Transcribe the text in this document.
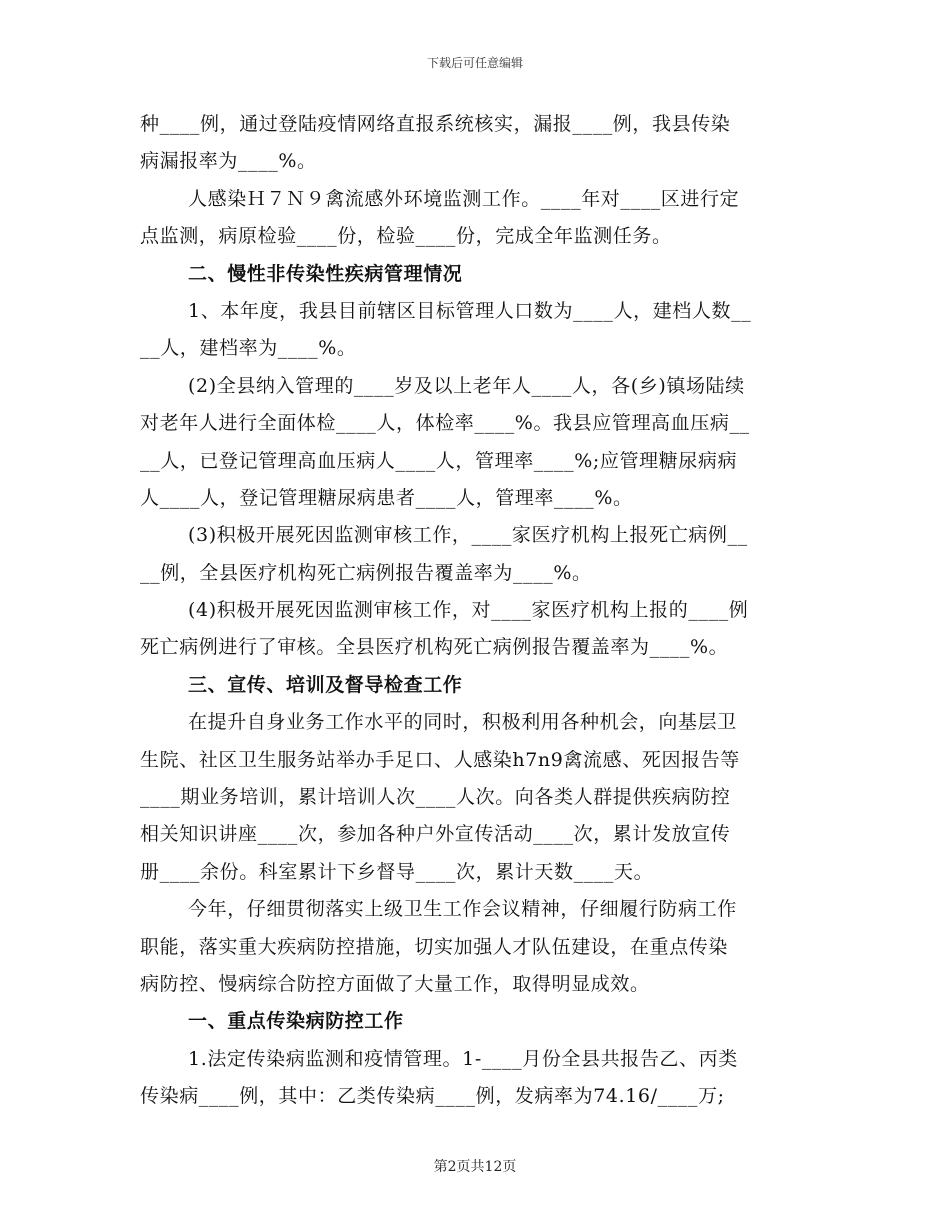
下载后可任意编辑
种____例，通过登陆疫情网络直报系统核实，漏报____例，我县传染
病漏报率为____%。
人感染Ｈ７Ｎ９禽流感外环境监测工作。____年对____区进行定
点监测，病原检验____份，检验____份，完成全年监测任务。
二、慢性非传染性疾病管理情况
1、本年度，我县目前辖区目标管理人口数为____人，建档人数__
__人，建档率为____%。
(2)全县纳入管理的____岁及以上老年人____人，各(乡)镇场陆续
对老年人进行全面体检____人，体检率____%。我县应管理高血压病__
__人，已登记管理高血压病人____人，管理率____%;应管理糖尿病病
人____人，登记管理糖尿病患者____人，管理率____%。
(3)积极开展死因监测审核工作，____家医疗机构上报死亡病例__
__例，全县医疗机构死亡病例报告覆盖率为____%。
(4)积极开展死因监测审核工作，对____家医疗机构上报的____例
死亡病例进行了审核。全县医疗机构死亡病例报告覆盖率为____%。
三、宣传、培训及督导检查工作
在提升自身业务工作水平的同时，积极利用各种机会，向基层卫
生院、社区卫生服务站举办手足口、人感染h7n9禽流感、死因报告等
____期业务培训，累计培训人次____人次。向各类人群提供疾病防控
相关知识讲座____次，参加各种户外宣传活动____次，累计发放宣传
册____余份。科室累计下乡督导____次，累计天数____天。
今年，仔细贯彻落实上级卫生工作会议精神，仔细履行防病工作
职能，落实重大疾病防控措施，切实加强人才队伍建设，在重点传染
病防控、慢病综合防控方面做了大量工作，取得明显成效。
一、重点传染病防控工作
1.法定传染病监测和疫情管理。1-____月份全县共报告乙、丙类
传染病____例，其中：乙类传染病____例，发病率为74.16/____万;
第2页共12页
